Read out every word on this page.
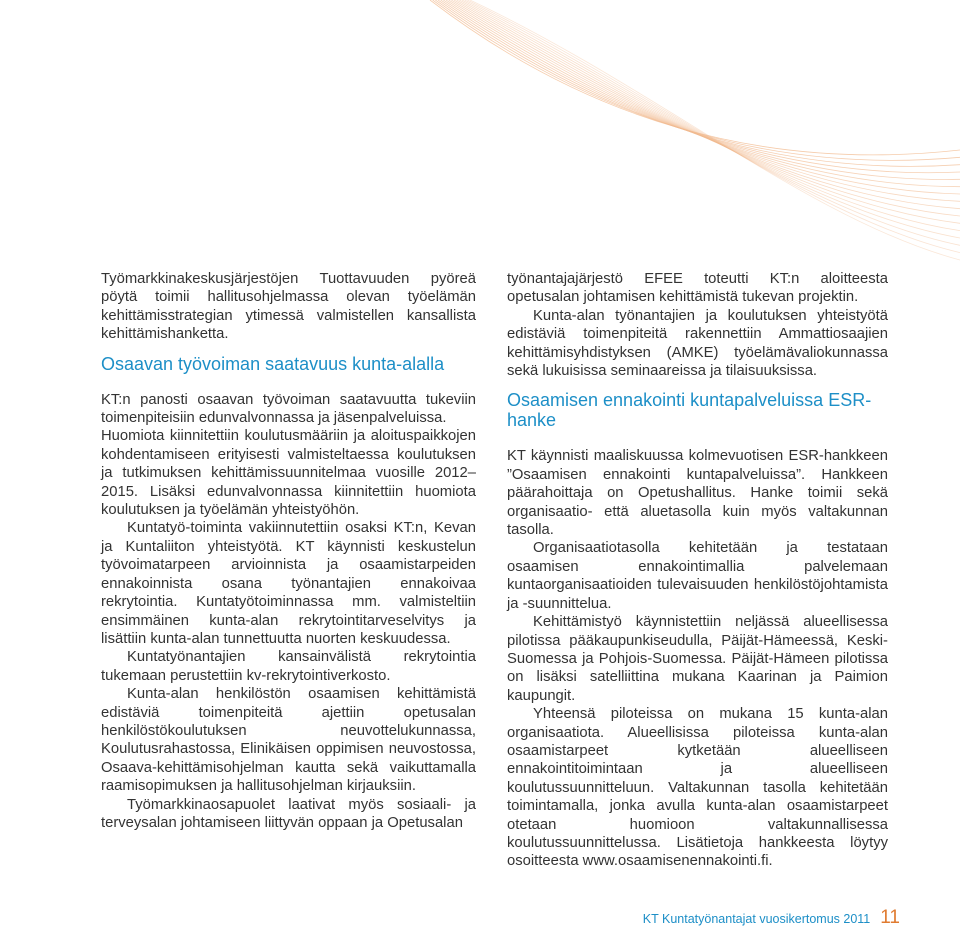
Työmarkkinakeskusjärjestöjen Tuottavuuden pyöreä pöytä toimii hallitusohjelmassa olevan työelämän kehittämisstrategian ytimessä valmistellen kansallista kehittämishanketta.

Osaavan työvoiman saatavuus kunta-alalla

KT:n panosti osaavan työvoiman saatavuutta tukeviin toimenpiteisiin edunvalvonnassa ja jäsenpalveluissa.

Huomiota kiinnitettiin koulutusmääriin ja aloituspaikkojen kohdentamiseen erityisesti valmisteltaessa koulutuksen ja tutkimuksen kehittämissuunnitelmaa vuosille 2012–2015. Lisäksi edunvalvonnassa kiinnitettiin huomiota koulutuksen ja työelämän yhteistyöhön.

Kuntatyö-toiminta vakiinnutettiin osaksi KT:n, Kevan ja Kuntaliiton yhteistyötä. KT käynnisti keskustelun työvoimatarpeen arvioinnista ja osaamistarpeiden ennakoinnista osana työnantajien ennakoivaa rekrytointia. Kuntatyötoiminnassa mm. valmisteltiin ensimmäinen kunta-alan rekrytointitarveselvitys ja lisättiin kunta-alan tunnettuutta nuorten keskuudessa.

Kuntatyönantajien kansainvälistä rekrytointia tukemaan perustettiin kv-rekrytointiverkosto.

Kunta-alan henkilöstön osaamisen kehittämistä edistäviä toimenpiteitä ajettiin opetusalan henkilöstökoulutuksen neuvottelukunnassa, Koulutusrahastossa, Elinikäisen oppimisen neuvostossa, Osaava-kehittämisohjelman kautta sekä vaikuttamalla raamisopimuksen ja hallitusohjelman kirjauksiin.

Työmarkkinaosapuolet laativat myös sosiaali- ja terveysalan johtamiseen liittyvän oppaan ja Opetusalan

työnantajajärjestö EFEE toteutti KT:n aloitteesta opetusalan johtamisen kehittämistä tukevan projektin.

Kunta-alan työnantajien ja koulutuksen yhteistyötä edistäviä toimenpiteitä rakennettiin Ammattiosaajien kehittämisyhdistyksen (AMKE) työelämävaliokunnassa sekä lukuisissa seminaareissa ja tilaisuuksissa.

Osaamisen ennakointi kuntapalveluissa ESR-hanke

KT käynnisti maaliskuussa kolmevuotisen ESR-hankkeen ”Osaamisen ennakointi kuntapalveluissa”. Hankkeen päärahoittaja on Opetushallitus. Hanke toimii sekä organisaatio- että aluetasolla kuin myös valtakunnan tasolla.

Organisaatiotasolla kehitetään ja testataan osaamisen ennakointimallia palvelemaan kuntaorganisaatioiden tulevaisuuden henkilöstöjohtamista ja -suunnittelua.

Kehittämistyö käynnistettiin neljässä alueellisessa pilotissa pääkaupunkiseudulla, Päijät-Hämeessä, Keski-Suomessa ja Pohjois-Suomessa. Päijät-Hämeen pilotissa on lisäksi satelliittina mukana Kaarinan ja Paimion kaupungit.

Yhteensä piloteissa on mukana 15 kunta-alan organisaatiota. Alueellisissa piloteissa kunta-alan osaamistarpeet kytketään alueelliseen ennakointitoimintaan ja alueelliseen koulutussuunnitteluun. Valtakunnan tasolla kehitetään toimintamalla, jonka avulla kunta-alan osaamistarpeet otetaan huomioon valtakunnallisessa koulutussuunnittelussa. Lisätietoja hankkeesta löytyy osoitteesta www.osaamisenennakointi.fi.

KT Kuntatyönantajat vuosikertomus 2011 11
